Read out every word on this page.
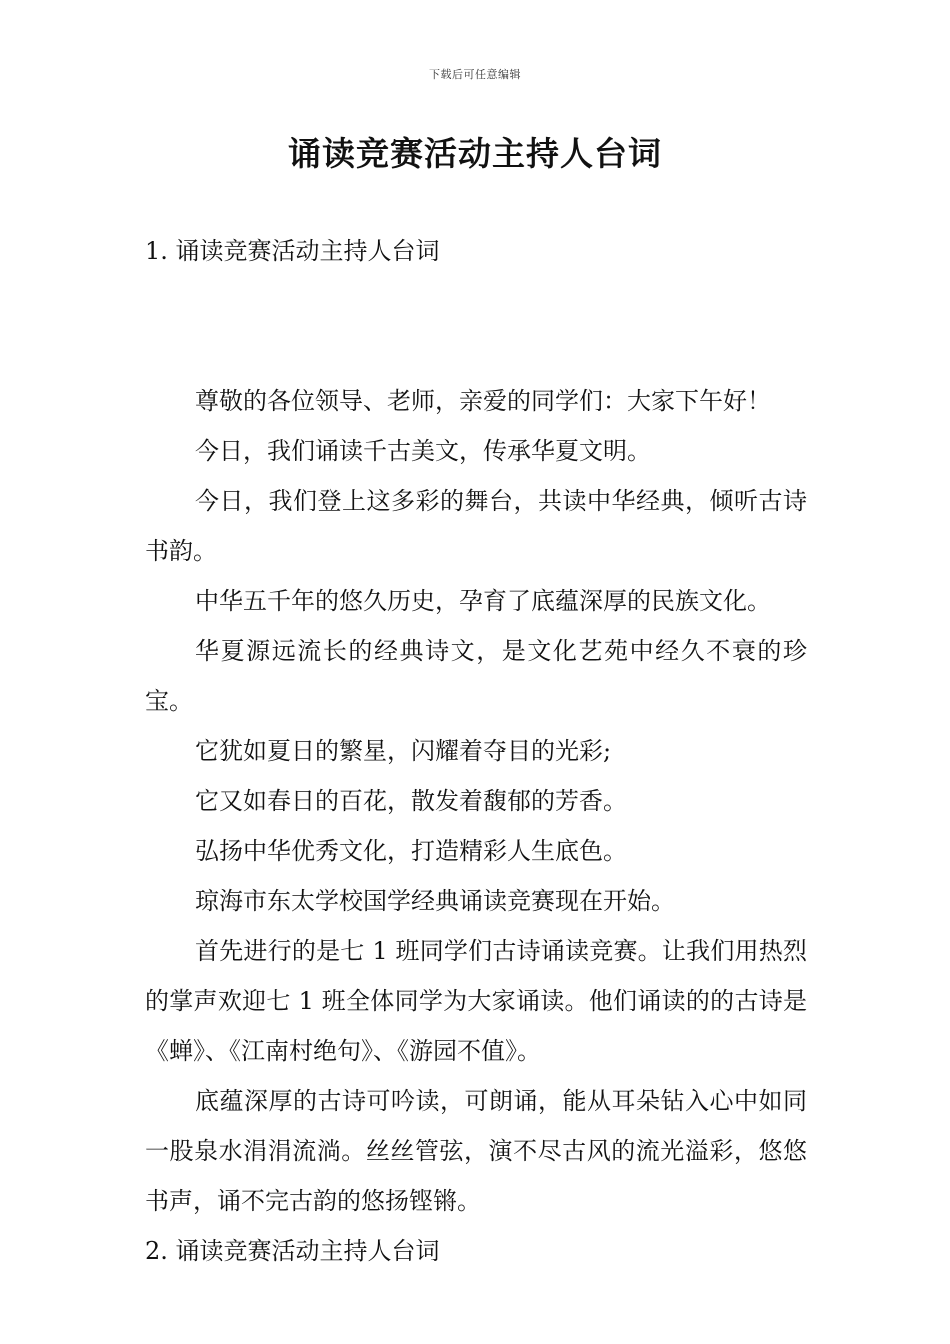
下载后可任意编辑
诵读竞赛活动主持人台词

1. 诵读竞赛活动主持人台词

尊敬的各位领导、老师，亲爱的同学们：大家下午好！

今日，我们诵读千古美文，传承华夏文明。

今日，我们登上这多彩的舞台，共读中华经典，倾听古诗书韵。

中华五千年的悠久历史，孕育了底蕴深厚的民族文化。

华夏源远流长的经典诗文，是文化艺苑中经久不衰的珍宝。

它犹如夏日的繁星，闪耀着夺目的光彩;

它又如春日的百花，散发着馥郁的芳香。

弘扬中华优秀文化，打造精彩人生底色。

琼海市东太学校国学经典诵读竞赛现在开始。

首先进行的是七 1 班同学们古诗诵读竞赛。让我们用热烈的掌声欢迎七 1 班全体同学为大家诵读。他们诵读的的古诗是《蝉》、《江南村绝句》、《游园不值》。

底蕴深厚的古诗可吟读，可朗诵，能从耳朵钻入心中如同一股泉水涓涓流淌。丝丝管弦，演不尽古风的流光溢彩，悠悠书声，诵不完古韵的悠扬铿锵。

2. 诵读竞赛活动主持人台词
